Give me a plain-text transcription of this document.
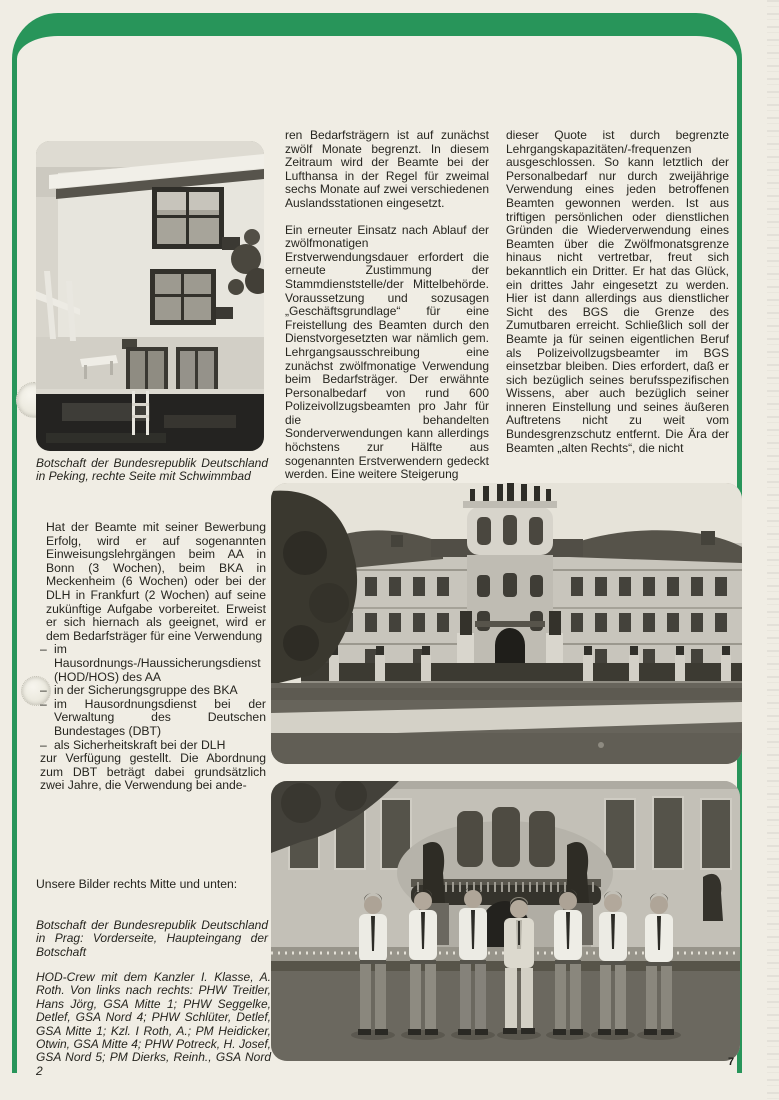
Botschaft der Bundesrepublik Deutschland in Peking, rechte Seite mit Schwimmbad

Hat der Beamte mit seiner Bewerbung Erfolg, wird er auf sogenannten Einweisungslehrgängen beim AA in Bonn (3 Wochen), beim BKA in Meckenheim (6 Wochen) oder bei der DLH in Frankfurt (2 Wochen) auf seine zukünftige Aufgabe vorbereitet. Erweist er sich hiernach als geeignet, wird er dem Bedarfsträger für eine Verwendung

– im Hausordnungs-/Haussicherungsdienst (HOD/HOS) des AA
– in der Sicherungsgruppe des BKA
– im Hausordnungsdienst bei der Verwaltung des Deutschen Bundestages (DBT)
– als Sicherheitskraft bei der DLH

zur Verfügung gestellt. Die Abordnung zum DBT beträgt dabei grundsätzlich zwei Jahre, die Verwendung bei ande-

Unsere Bilder rechts Mitte und unten:
Botschaft der Bundesrepublik Deutschland in Prag: Vorderseite, Haupteingang der Botschaft
HOD-Crew mit dem Kanzler I. Klasse, A. Roth. Von links nach rechts: PHW Treitler, Hans Jörg, GSA Mitte 1; PHW Seggelke, Detlef, GSA Nord 4; PHW Schlüter, Detlef, GSA Mitte 1; Kzl. I Roth, A.; PM Heidicker, Otwin, GSA Mitte 4; PHW Potreck, H. Josef, GSA Nord 5; PM Dierks, Reinh., GSA Nord 2

ren Bedarfsträgern ist auf zunächst zwölf Monate begrenzt. In diesem Zeitraum wird der Beamte bei der Lufthansa in der Regel für zweimal sechs Monate auf zwei verschiedenen Auslandsstationen eingesetzt.

Ein erneuter Einsatz nach Ablauf der zwölfmonatigen Erstverwendungsdauer erfordert die erneute Zustimmung der Stammdienststelle/der Mittelbehörde. Voraussetzung und sozusagen „Geschäftsgrundlage“ für eine Freistellung des Beamten durch den Dienstvorgesetzten war nämlich gem. Lehrgangsausschreibung eine zunächst zwölfmonatige Verwendung beim Bedarfsträger. Der erwähnte Personalbedarf von rund 600 Polizeivollzugsbeamten pro Jahr für die behandelten Sonderverwendungen kann allerdings höchstens zur Hälfte aus sogenannten Erstverwendern gedeckt werden. Eine weitere Steigerung

dieser Quote ist durch begrenzte Lehrgangskapazitäten/-frequenzen ausgeschlossen. So kann letztlich der Personalbedarf nur durch zweijährige Verwendung eines jeden betroffenen Beamten gewonnen werden. Ist aus triftigen persönlichen oder dienstlichen Gründen die Wiederverwendung eines Beamten über die Zwölfmonatsgrenze hinaus nicht vertretbar, freut sich bekanntlich ein Dritter. Er hat das Glück, ein drittes Jahr eingesetzt zu werden. Hier ist dann allerdings aus dienstlicher Sicht des BGS die Grenze des Zumutbaren erreicht. Schließlich soll der Beamte ja für seinen eigentlichen Beruf als Polizeivollzugsbeamter im BGS einsetzbar bleiben. Dies erfordert, daß er sich bezüglich seines berufsspezifischen Wissens, aber auch bezüglich seiner inneren Einstellung und seines äußeren Auftretens nicht zu weit vom Bundesgrenzschutz entfernt. Die Ära der Beamten „alten Rechts“, die nicht

7
